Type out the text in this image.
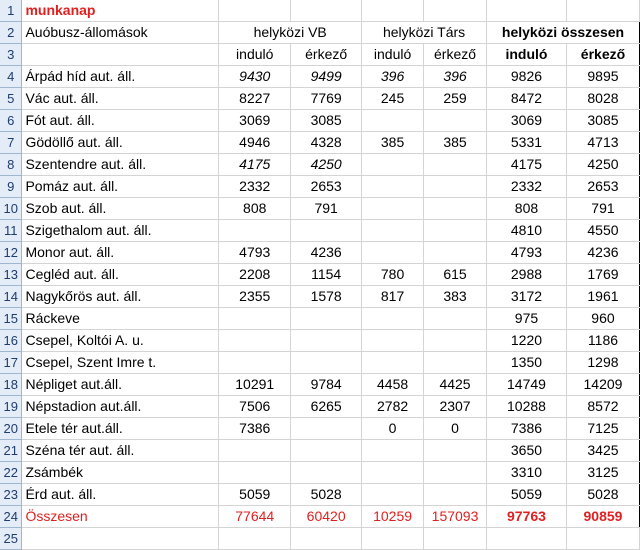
1	munkanap						
2	Auóbusz-állomások	helyközi VB		helyközi Társ		helyközi összesen	
3		induló	érkező	induló	érkező	induló	érkező
4	Árpád híd aut. áll.	9430	9499	396	396	9826	9895
5	Vác aut. áll.	8227	7769	245	259	8472	8028
6	Fót aut. áll.	3069	3085			3069	3085
7	Gödöllő aut. áll.	4946	4328	385	385	5331	4713
8	Szentendre aut. áll.	4175	4250			4175	4250
9	Pomáz aut. áll.	2332	2653			2332	2653
10	Szob aut. áll.	808	791			808	791
11	Szigethalom aut. áll.					4810	4550
12	Monor aut. áll.	4793	4236			4793	4236
13	Cegléd aut. áll.	2208	1154	780	615	2988	1769
14	Nagykőrös aut. áll.	2355	1578	817	383	3172	1961
15	Ráckeve					975	960
16	Csepel, Koltói A. u.					1220	1186
17	Csepel, Szent Imre t.					1350	1298
18	Népliget aut.áll.	10291	9784	4458	4425	14749	14209
19	Népstadion aut.áll.	7506	6265	2782	2307	10288	8572
20	Etele tér aut.áll.	7386		0	0	7386	7125
21	Széna tér aut. áll.					3650	3425
22	Zsámbék					3310	3125
23	Érd aut. áll.	5059	5028			5059	5028
24	Összesen	77644	60420	10259	157093	97763	90859
25							
